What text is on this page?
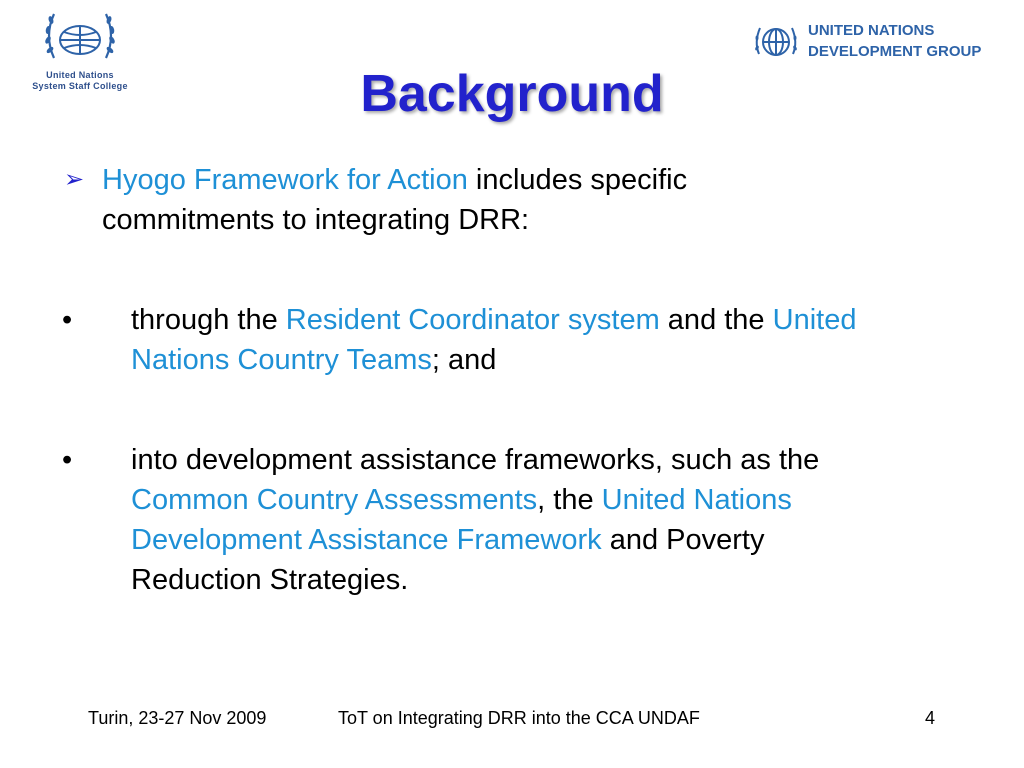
United Nations
System Staff College
UNITED NATIONS
DEVELOPMENT GROUP
Background
➢ Hyogo Framework for Action includes specific
commitments to integrating DRR:
• through the Resident Coordinator system and the United
Nations Country Teams; and
• into development assistance frameworks, such as the
Common Country Assessments, the United Nations
Development Assistance Framework and Poverty
Reduction Strategies.
Turin, 23-27 Nov 2009	ToT on Integrating DRR into the CCA UNDAF	4
